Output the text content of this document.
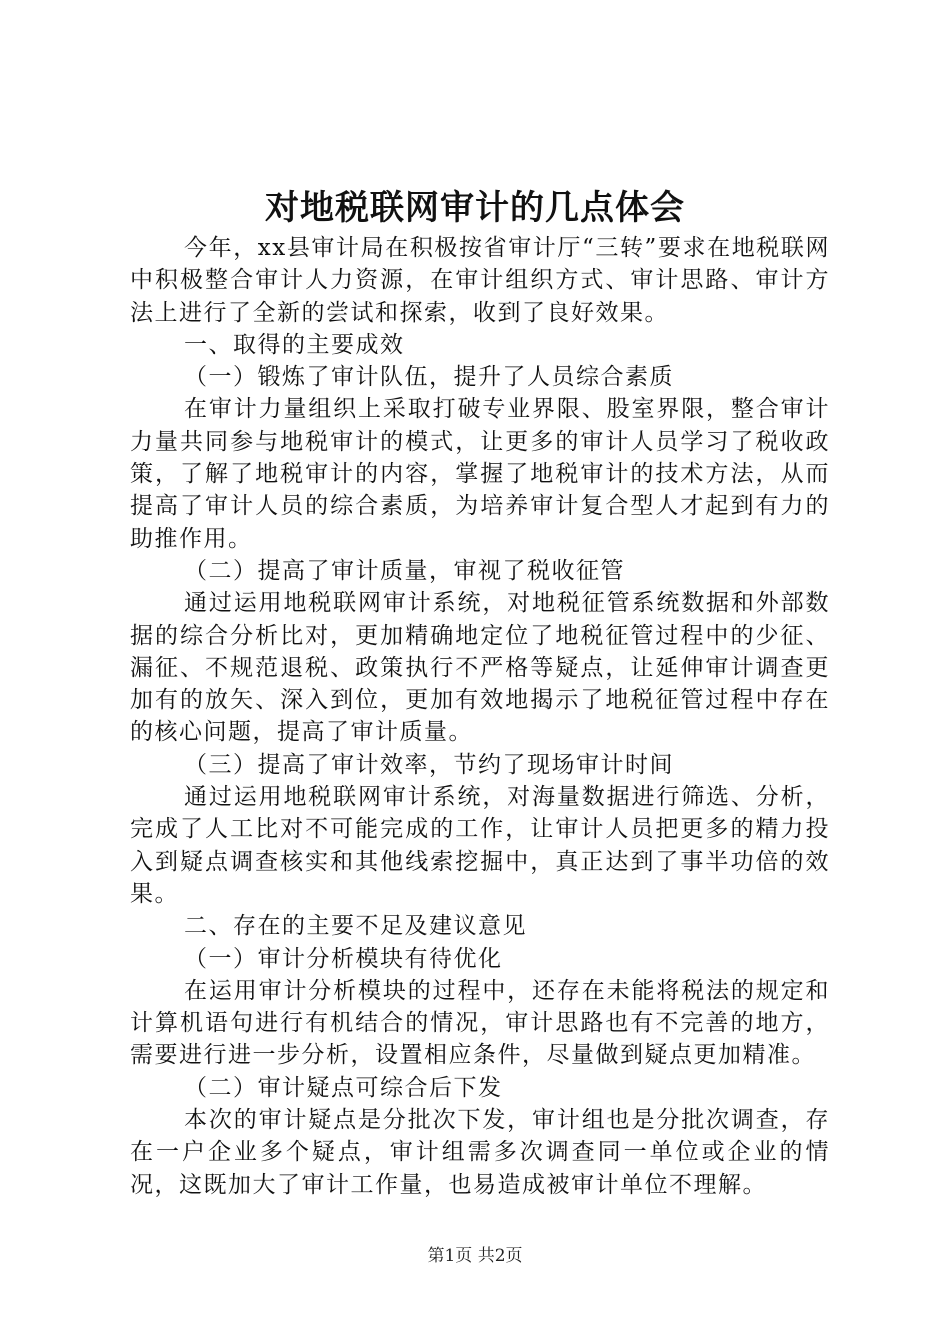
对地税联网审计的几点体会

今年，xx县审计局在积极按省审计厅“三转”要求在地税联网中积极整合审计人力资源，在审计组织方式、审计思路、审计方法上进行了全新的尝试和探索，收到了良好效果。

一、取得的主要成效

（一）锻炼了审计队伍，提升了人员综合素质

在审计力量组织上采取打破专业界限、股室界限，整合审计力量共同参与地税审计的模式，让更多的审计人员学习了税收政策，了解了地税审计的内容，掌握了地税审计的技术方法，从而提高了审计人员的综合素质，为培养审计复合型人才起到有力的助推作用。

（二）提高了审计质量，审视了税收征管

通过运用地税联网审计系统，对地税征管系统数据和外部数据的综合分析比对，更加精确地定位了地税征管过程中的少征、漏征、不规范退税、政策执行不严格等疑点，让延伸审计调查更加有的放矢、深入到位，更加有效地揭示了地税征管过程中存在的核心问题，提高了审计质量。

（三）提高了审计效率，节约了现场审计时间

通过运用地税联网审计系统，对海量数据进行筛选、分析，完成了人工比对不可能完成的工作，让审计人员把更多的精力投入到疑点调查核实和其他线索挖掘中，真正达到了事半功倍的效果。

二、存在的主要不足及建议意见

（一）审计分析模块有待优化

在运用审计分析模块的过程中，还存在未能将税法的规定和计算机语句进行有机结合的情况，审计思路也有不完善的地方，需要进行进一步分析，设置相应条件，尽量做到疑点更加精准。

（二）审计疑点可综合后下发

本次的审计疑点是分批次下发，审计组也是分批次调查，存在一户企业多个疑点，审计组需多次调查同一单位或企业的情况，这既加大了审计工作量，也易造成被审计单位不理解。

第1页 共2页
